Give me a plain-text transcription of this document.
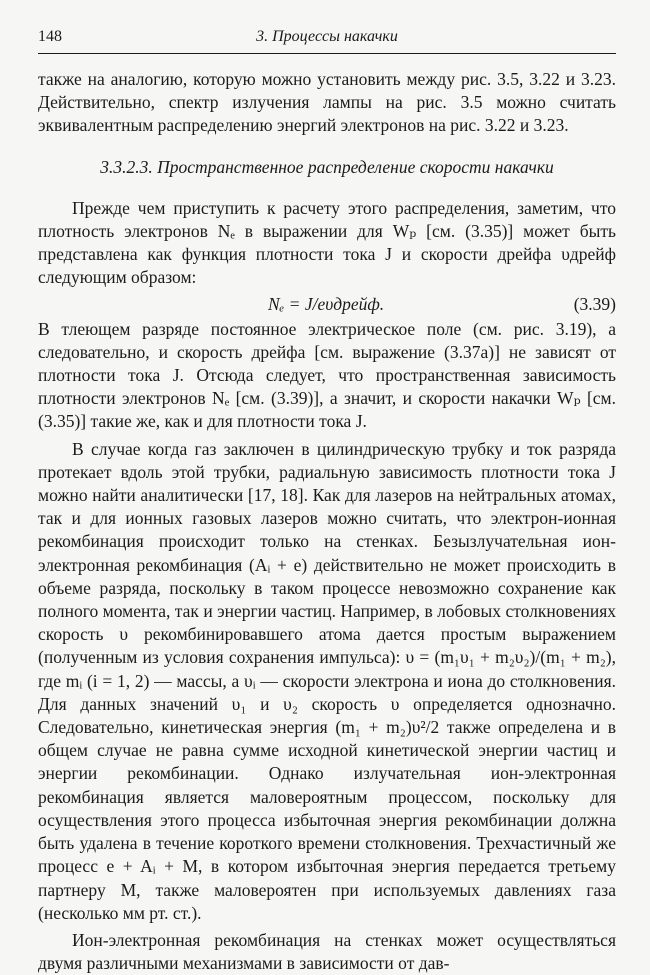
148	3. Процессы накачки

также на аналогию, которую можно установить между рис. 3.5, 3.22 и 3.23. Действительно, спектр излучения лампы на рис. 3.5 можно считать эквивалентным распределению энергий электронов на рис. 3.22 и 3.23.

3.3.2.3. Пространственное распределение скорости накачки

Прежде чем приступить к расчету этого распределения, заметим, что плотность электронов Nₑ в выражении для Wₚ [см. (3.35)] может быть представлена как функция плотности тока J и скорости дрейфа υдрейф следующим образом:

Nₑ = J/eυдрейф.	(3.39)

В тлеющем разряде постоянное электрическое поле (см. рис. 3.19), а следовательно, и скорость дрейфа [см. выражение (3.37а)] не зависят от плотности тока J. Отсюда следует, что пространственная зависимость плотности электронов Nₑ [см. (3.39)], а значит, и скорости накачки Wₚ [см. (3.35)] такие же, как и для плотности тока J.

В случае когда газ заключен в цилиндрическую трубку и ток разряда протекает вдоль этой трубки, радиальную зависимость плотности тока J можно найти аналитически [17, 18]. Как для лазеров на нейтральных атомах, так и для ионных газовых лазеров можно считать, что электрон-ионная рекомбинация происходит только на стенках. Безызлучательная ион-электронная рекомбинация (Aᵢ + e) действительно не может происходить в объеме разряда, поскольку в таком процессе невозможно сохранение как полного момента, так и энергии частиц. Например, в лобовых столкновениях скорость υ рекомбинировавшего атома дается простым выражением (полученным из условия сохранения импульса): υ = (m₁υ₁ + m₂υ₂)/(m₁ + m₂), где mᵢ (i = 1, 2) — массы, а υᵢ — скорости электрона и иона до столкновения. Для данных значений υ₁ и υ₂ скорость υ определяется однозначно. Следовательно, кинетическая энергия (m₁ + m₂)υ²/2 также определена и в общем случае не равна сумме исходной кинетической энергии частиц и энергии рекомбинации. Однако излучательная ион-электронная рекомбинация является маловероятным процессом, поскольку для осуществления этого процесса избыточная энергия рекомбинации должна быть удалена в течение короткого времени столкновения. Трехчастичный же процесс e + Aᵢ + M, в котором избыточная энергия передается третьему партнеру M, также маловероятен при используемых давлениях газа (несколько мм рт. ст.).

Ион-электронная рекомбинация на стенках может осуществляться двумя различными механизмами в зависимости от дав-
